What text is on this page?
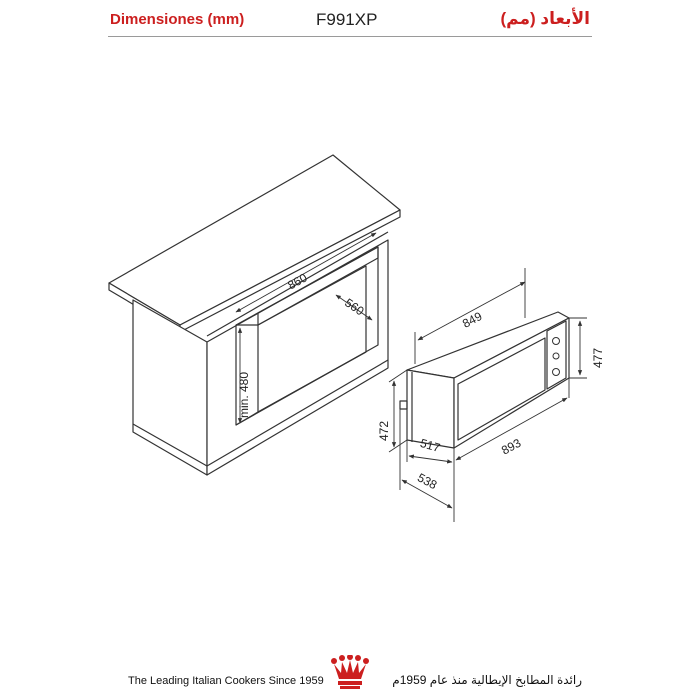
Dimensiones (mm)	F991XP	الأبعاد (مم)
860
560
min. 480
849
477
472
893
517
538
The Leading Italian Cookers Since 1959	رائدة المطابخ الإيطالية منذ عام 1959م
